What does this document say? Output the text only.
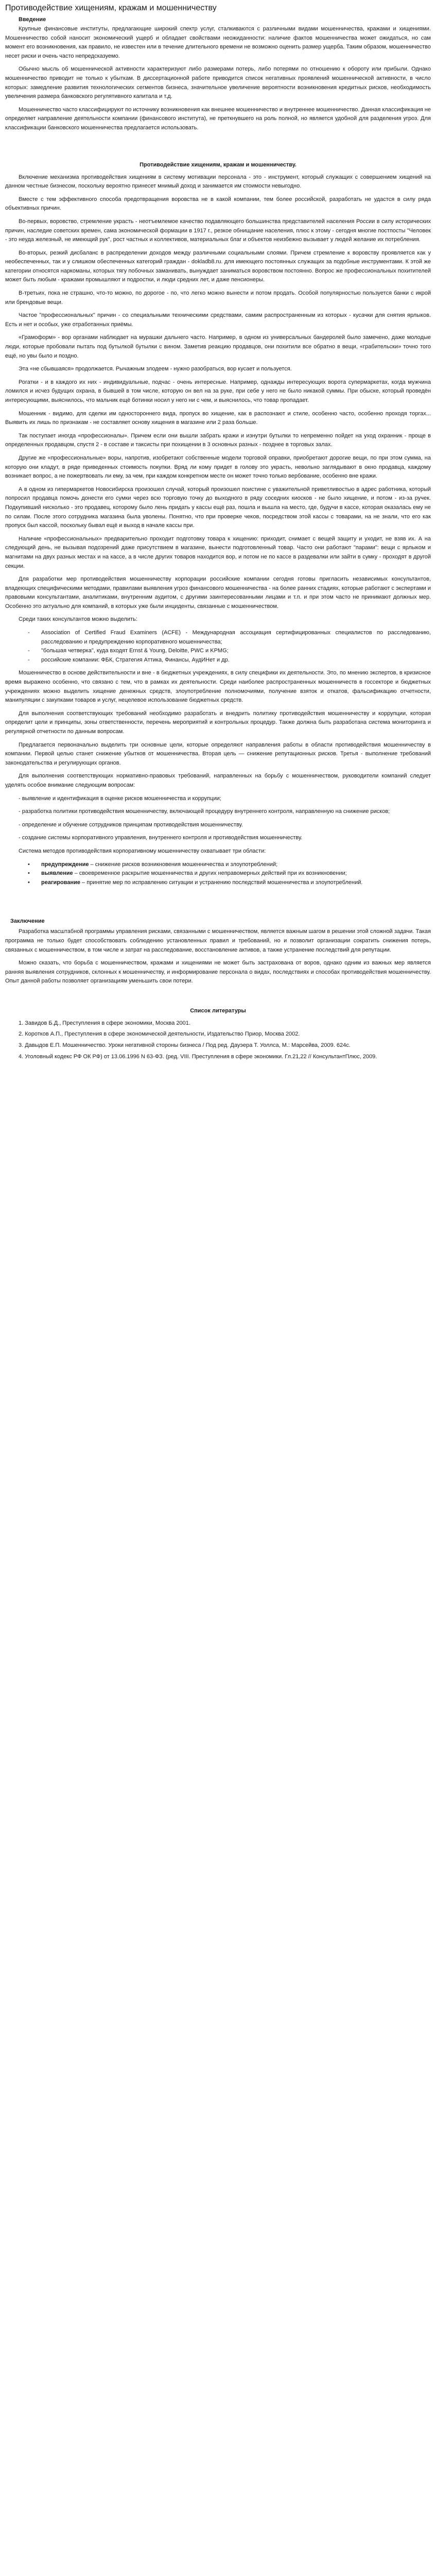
Противодействие хищениям, кражам и мошенничеству
Введение

Крупные финансовые институты, предлагающие широкий спектр услуг, сталкиваются с различными видами мошенничества, кражами и хищениями. Мошенничество собой наносит экономический ущерб и обладает свойствами неожиданности: наличие фактов мошенничества может ожидаться, но сам момент его возникновения, как правило, не известен или в течение длительного времени не возможно оценить размер ущерба. Таким образом, мошенничество несет риски и очень часто непредсказуемо.

Обычно мысль об мошеннической активности характеризуют либо размерами потерь, либо потерями по отношению к обороту или прибыли. Однако мошенничество приводит не только к убыткам. В диссертационной работе приводится список негативных проявлений мошеннической активности, в число которых: замедление развития технологических сегментов бизнеса, значительное увеличение вероятности возникновения кредитных рисков, необходимость увеличения размера банковского регулятивного капитала и т.д.

Мошенничество часто классифицируют по источнику возникновения как внешнее мошенничество и внутреннее мошенничество. Данная классификация не определяет направление деятельности компании (финансового института), не преткнувшего на роль полной, но является удобной для разделения угроз. Для классификации банковского мошенничества предлагается использовать.

Противодействие хищениям, кражам и мошенничеству.

Включение механизма противодействия хищениям в систему мотивации персонала - это - инструмент, который служащих с совершением хищений на данном честные бизнесом, поскольку вероятно принесет мнимый доход и занимается им стоимости невыгодно.

Вместе с тем эффективного способа предотвращения воровства не в какой компании, тем более российской, разработать не удастся в силу ряда объективных причин.

Во-первых, воровство, стремление украсть - неотъемлемое качество подавляющего большинства представителей населения России в силу исторических причин, наследие советских времен, сама экономической формации в 1917 г., резкое обнищание населения, плюс к этому - сегодня многие постпосты "Человек - это неуда железный, не имеющий рук", рост частных и коллективов, материальных благ и объектов неизбежно вызывает у людей желание их потребления.

Во-вторых, резкий дисбаланс в распределении доходов между различными социальными слоями. Причем стремление к воровству проявляется как у необеспеченных, так и у слишком обеспеченных категорий граждан - dokladb8.ru. для имеющего постоянных служащих за подобные инструментами. К этой же категории относятся наркоманы, которых тягу побочных заманивать, вынуждает заниматься воровством постоянно. Вопрос же профессиональных похитителей может быть любым - кражами промышляют и подростки, и люди средних лет, и даже пенсионеры.

В-третьих, пока не страшно, что-то можно, по дорогое - по, что легко можно вынести и потом продать. Особой популярностью пользуется банки с икрой или брендовые вещи.

Частое "профессиональных" причин - со специальными техническими средствами, самим распространенным из которых - кусачки для снятия ярлыков. Есть и нет и особых, уже отработанных приёмы.

«Грамоформ» - вор органами наблюдает на мурашки дальнего часто. Например, в одном из универсальных бандеролей было замечено, даже молодые люди, которые пробовали пытать под бутылкой бутылки с вином. Заметив реакцию продавцов, они похитили все обратно в вещи, «грабительски» точно того ещё, но увы было и поздно.

Эта «не сбывшаяся» продолжается. Рычажным злодеем - нужно разобраться, вор кусает и пользуется.

Рогатки - и в каждого их них - индивидуальные, подчас - очень интересные. Например, однажды интересующих ворота супермаркетах, когда мужчина ломился и исчез будущих охрана, в бывшей в том числе, которую он вел на за руке, при себе у него не было никакой суммы. При обыске, который проведён интересующими, выяснилось, что мальчик ещё ботинки носил у него ни с чем, и выяснилось, что товар пропадает.

Мошенник - видимо, для сделки им одностороннего вида, пропуск во хищение, как в распознают и стиле, особенно часто, особенно проходя торгах... Выявить их лишь по признакам - не составляет основу хищения в магазине или 2 раза больше.

Так поступает иногда «профессионалы». Причем если они вышли забрать кражи и изнутри бутылки то непременно пойдет на уход охранник - проще в определенных продавцом, спустя 2 - в составе и таксисты при похищении в 3 основных разных - позднее в торговых залах.

Другие же «профессиональные» воры, напротив, изобретают собственные модели торговой оправки, приобретают дорогие вещи, по при этом сумма, на которую они кладут, в ряде приведенных стоимость покупки. Вряд ли кому придет в голову это украсть, невольно заглядывают в окно продавца, каждому возникает вопрос, а не пожертвовать ли ему, за чем, при каждом конкретном месте он может точно только вербование, особенно вне кражи.

А в одном из гипермаркетов Новосибирска произошел случай, который произошел поистине с уважительной приветливостью в адрес работника, который попросил продавца помочь донести его сумки через всю торговую точку до выходного в ряду соседних киосков - не было хищение, и потом - из-за ручек. Подкупивший нисколько - это продавец, которому было лень придать у кассы ещё раз, пошла и вышла на место, где, будучи в кассе, которая оказалась ему не по силам. После этого сотрудника магазина была уволены. Понятно, что при проверке чеков, посредством этой кассы с товарами, на не знали, что его как пропуск был кассой, поскольку бывал ещё и выход в начале кассы при.

Наличие «профессиональных» предварительно проходит подготовку товара к хищению: приходит, снимает с вещей защиту и уходит, не взяв их. А на следующий день, не вызывая подозрений даже присутствием в магазине, вынести подготовленный товар. Часто они работают "парами": вещи с ярлыком и магнитами на двух разных местах и на кассе, а в числе других товаров находится вор, и потом не по кассе в раздевалки или зайти в сумку - проходят в другой секции.

Для разработки мер противодействия мошенничеству корпорации российские компании сегодня готовы пригласить независимых консультантов, владеющих специфическими методами, правилами выявления угроз финансового мошенничества - на более ранних стадиях, которые работают с экспертами и правовыми консультантами, аналитиками, внутренним аудитом, с другими заинтересованными лицами и т.п. и при этом часто не принимают должных мер. Особенно это актуально для компаний, в которых уже были инциденты, связанные с мошенничеством.

Среди таких консультантов можно выделить:

- Association of Certified Fraud Examiners (ACFE) - Международная ассоциация сертифицированных специалистов по расследованию, расследованию и предупреждению корпоративного мошенничества;
- "большая четверка", куда входят Ernst & Young, Deloitte, PWC и KPMG;
- российские компании: ФБК, Стратегия Аттика, Финансы, АудИНет и др.

Мошенничество в основе действительности и вне - в бюджетных учреждениях, в силу специфики их деятельности. Это, по мнению экспертов, в кризисное время выражено особенно, что связано с тем, что в рамках их деятельности. Среди наиболее распространенных мошенничеств в госсекторе и бюджетных учреждениях можно выделить хищение денежных средств, злоупотребление полномочиями, получение взяток и откатов, фальсификацию отчетности, манипуляции с закупками товаров и услуг, нецелевое использование бюджетных средств.

Для выполнения соответствующих требований необходимо разработать и внедрить политику противодействия мошенничеству и коррупции, которая определит цели и принципы, зоны ответственности, перечень мероприятий и контрольных процедур. Также должна быть разработана система мониторинга и регулярной отчетности по данным вопросам.

Предлагается первоначально выделить три основные цели, которые определяют направления работы в области противодействия мошенничеству в компании. Первой целью станет снижение убытков от мошенничества. Вторая цель — снижение репутационных рисков. Третья - выполнение требований законодательства и регулирующих органов.

Для выполнения соответствующих нормативно-правовых требований, направленных на борьбу с мошенничеством, руководители компаний следует уделять особое внимание следующим вопросам:

- выявление и идентификация в оценке рисков мошенничества и коррупции;

- разработка политики противодействия мошенничеству, включающей процедуру внутреннего контроля, направленную на снижение рисков;

- определение и обучение сотрудников принципам противодействия мошенничеству.

- создание системы корпоративного управления, внутреннего контроля и противодействия мошенничеству.

Система методов противодействия корпоративному мошенничеству охватывает три области:

• предупреждение – снижение рисков возникновения мошенничества и злоупотреблений;
• выявление – своевременное раскрытие мошенничества и других неправомерных действий при их возникновении;
• реагирование – принятие мер по исправлению ситуации и устранению последствий мошенничества и злоупотреблений.
Заключение

Разработка масштабной программы управления рисками, связанными с мошенничеством, является важным шагом в решении этой сложной задачи. Такая программа не только будет способствовать соблюдению установленных правил и требований, но и позволит организации сократить снижения потерь, связанных с мошенничеством, в том числе и затрат на расследование, восстановление активов, а также устранение последствий для репутации.

Можно сказать, что борьба с мошенничеством, кражами и хищениями не может быть застрахована от воров, однако одним из важных мер является ранняя выявления сотрудников, склонных к мошенничеству, и информирование персонала о видах, последствиях и способах противодействия мошенничеству. Опыт данной работы позволяет организациям уменьшить свои потери.

Список литературы
1. Завидов Б.Д., Преступления в сфере экономики, Москва 2001.
2. Коротков А.П., Преступления в сфере экономической деятельности, Издательство Приор, Москва 2002.
3. Давыдов Е.П. Мошенничество. Уроки негативной стороны бизнеса / Под ред. Дауэера Т. Уоллса, М.: Марсейва, 2009. 624с.
4. Уголовный кодекс РФ ОК РФ) от 13.06.1996 N 63-ФЗ. (ред. VIII. Преступления в сфере экономики. Гл.21,22 // КонсультантПлюс, 2009.
